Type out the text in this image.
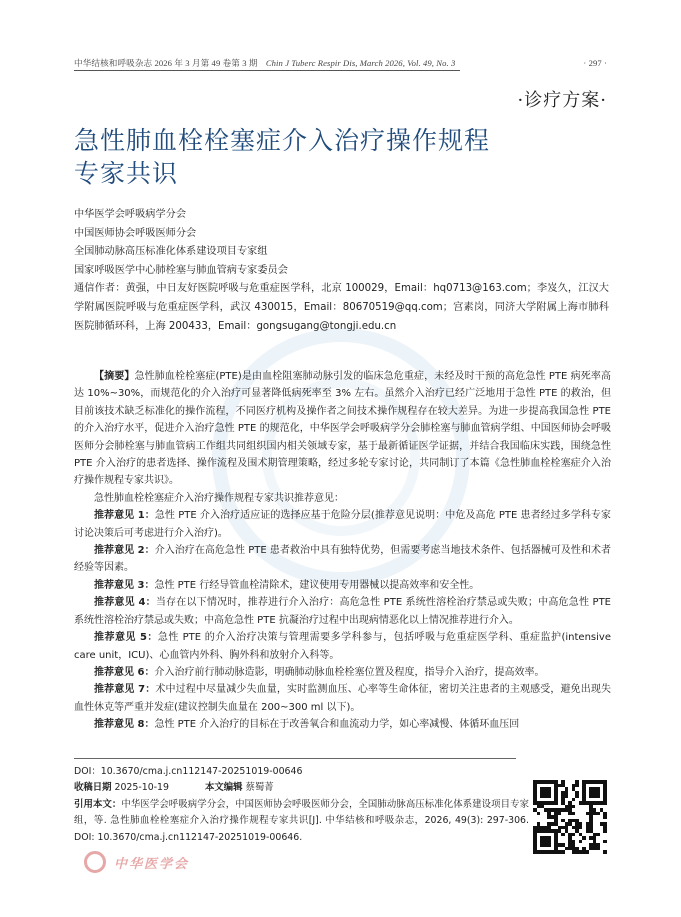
中华结核和呼吸杂志 2026 年 3 月第 49 卷第 3 期 Chin J Tuberc Respir Dis, March 2026, Vol. 49, No. 3	· 297 ·
·诊疗方案·
急性肺血栓栓塞症介入治疗操作规程
专家共识
中华医学会呼吸病学分会
中国医师协会呼吸医师分会
全国肺动脉高压标准化体系建设项目专家组
国家呼吸医学中心肺栓塞与肺血管病专家委员会
通信作者：黄强，中日友好医院呼吸与危重症医学科，北京 100029，Email：hq0713@163.com；李岌久，江汉大学附属医院呼吸与危重症医学科，武汉 430015，Email：80670519@qq.com；宫素岗，同济大学附属上海市肺科医院肺循环科，上海 200433，Email：gongsugang@tongji.edu.cn

【摘要】急性肺血栓栓塞症(PTE)是由血栓阻塞肺动脉引发的临床急危重症，未经及时干预的高危急性 PTE 病死率高达 10%~30%，而规范化的介入治疗可显著降低病死率至 3% 左右。虽然介入治疗已经广泛地用于急性 PTE 的救治，但目前该技术缺乏标准化的操作流程，不同医疗机构及操作者之间技术操作规程存在较大差异。为进一步提高我国急性 PTE 的介入治疗水平，促进介入治疗急性 PTE 的规范化，中华医学会呼吸病学分会肺栓塞与肺血管病学组、中国医师协会呼吸医师分会肺栓塞与肺血管病工作组共同组织国内相关领域专家，基于最新循证医学证据，并结合我国临床实践，围绕急性 PTE 介入治疗的患者选择、操作流程及围术期管理策略，经过多轮专家讨论，共同制订了本篇《急性肺血栓栓塞症介入治疗操作规程专家共识》。

急性肺血栓栓塞症介入治疗操作规程专家共识推荐意见：

推荐意见 1：急性 PTE 介入治疗适应证的选择应基于危险分层(推荐意见说明：中危及高危 PTE 患者经过多学科专家讨论决策后可考虑进行介入治疗)。

推荐意见 2：介入治疗在高危急性 PTE 患者救治中具有独特优势，但需要考虑当地技术条件、包括器械可及性和术者经验等因素。

推荐意见 3：急性 PTE 行经导管血栓清除术，建议使用专用器械以提高效率和安全性。

推荐意见 4：当存在以下情况时，推荐进行介入治疗：高危急性 PTE 系统性溶栓治疗禁忌或失败；中高危急性 PTE 系统性溶栓治疗禁忌或失败；中高危急性 PTE 抗凝治疗过程中出现病情恶化以上情况推荐进行介入。

推荐意见 5：急性 PTE 的介入治疗决策与管理需要多学科参与，包括呼吸与危重症医学科、重症监护(intensive care unit，ICU)、心血管内外科、胸外科和放射介入科等。

推荐意见 6：介入治疗前行肺动脉造影，明确肺动脉血栓栓塞位置及程度，指导介入治疗，提高效率。

推荐意见 7：术中过程中尽量减少失血量，实时监测血压、心率等生命体征，密切关注患者的主观感受，避免出现失血性休克等严重并发症(建议控制失血量在 200~300 ml 以下)。

推荐意见 8：急性 PTE 介入治疗的目标在于改善氧合和血流动力学，如心率减慢、体循环血压回

DOI：10.3670/cma.j.cn112147-20251019-00646
收稿日期 2025-10-19	本文编辑 蔡蜀菁
引用本文：中华医学会呼吸病学分会，中国医师协会呼吸医师分会，全国肺动脉高压标准化体系建设项目专家组，等. 急性肺血栓栓塞症介入治疗操作规程专家共识[J]. 中华结核和呼吸杂志，2026, 49(3): 297-306. DOI: 10.3670/cma.j.cn112147-20251019-00646.
中华医学会
